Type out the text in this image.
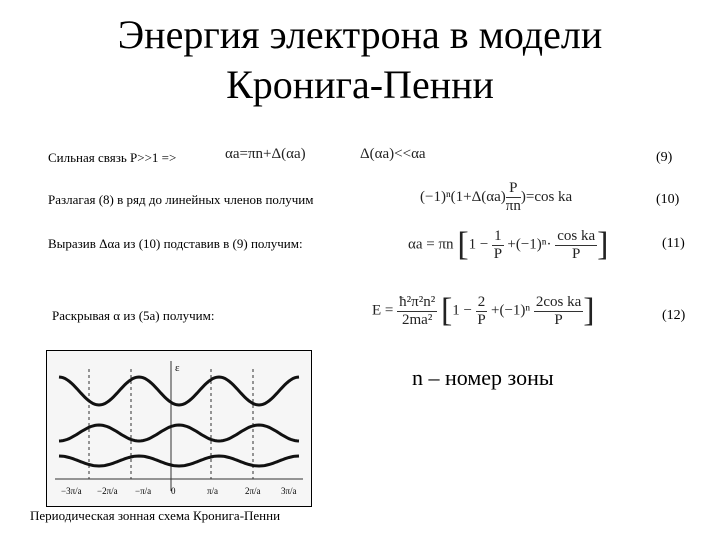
Энергия электрона в модели
Кронига-Пенни
Сильная связь P>>1 =>	αa=πn+Δ(αa)	Δ(αa)<<αa	(9)
Разлагая (8) в ряд до линейных членов получим	$(-1)^n(1+\Delta(\alpha a) \frac{P}{\pi n} )=\cos$ ka	(10)
Выразив Δαa из (10) подставив в (9) получим:	αa = πn [$1 - \frac{1}{P} +(-1)^n\cdot \frac{\text{cos ka}}{P}$ ]	(11)
Раскрывая α из (5а) получим:	$E = \frac{\text{ħ²π²n²}}{\text{2ma²}} [1 - \frac{2}{P} +(-1)^n \frac{\text{2cos ka}}{P}$ ]	(12)
n – номер зоны
ε
−3π/a −2π/a −π/a 0	π/a	2π/a 3π/a
Периодическая зонная схема Кронига-Пенни
